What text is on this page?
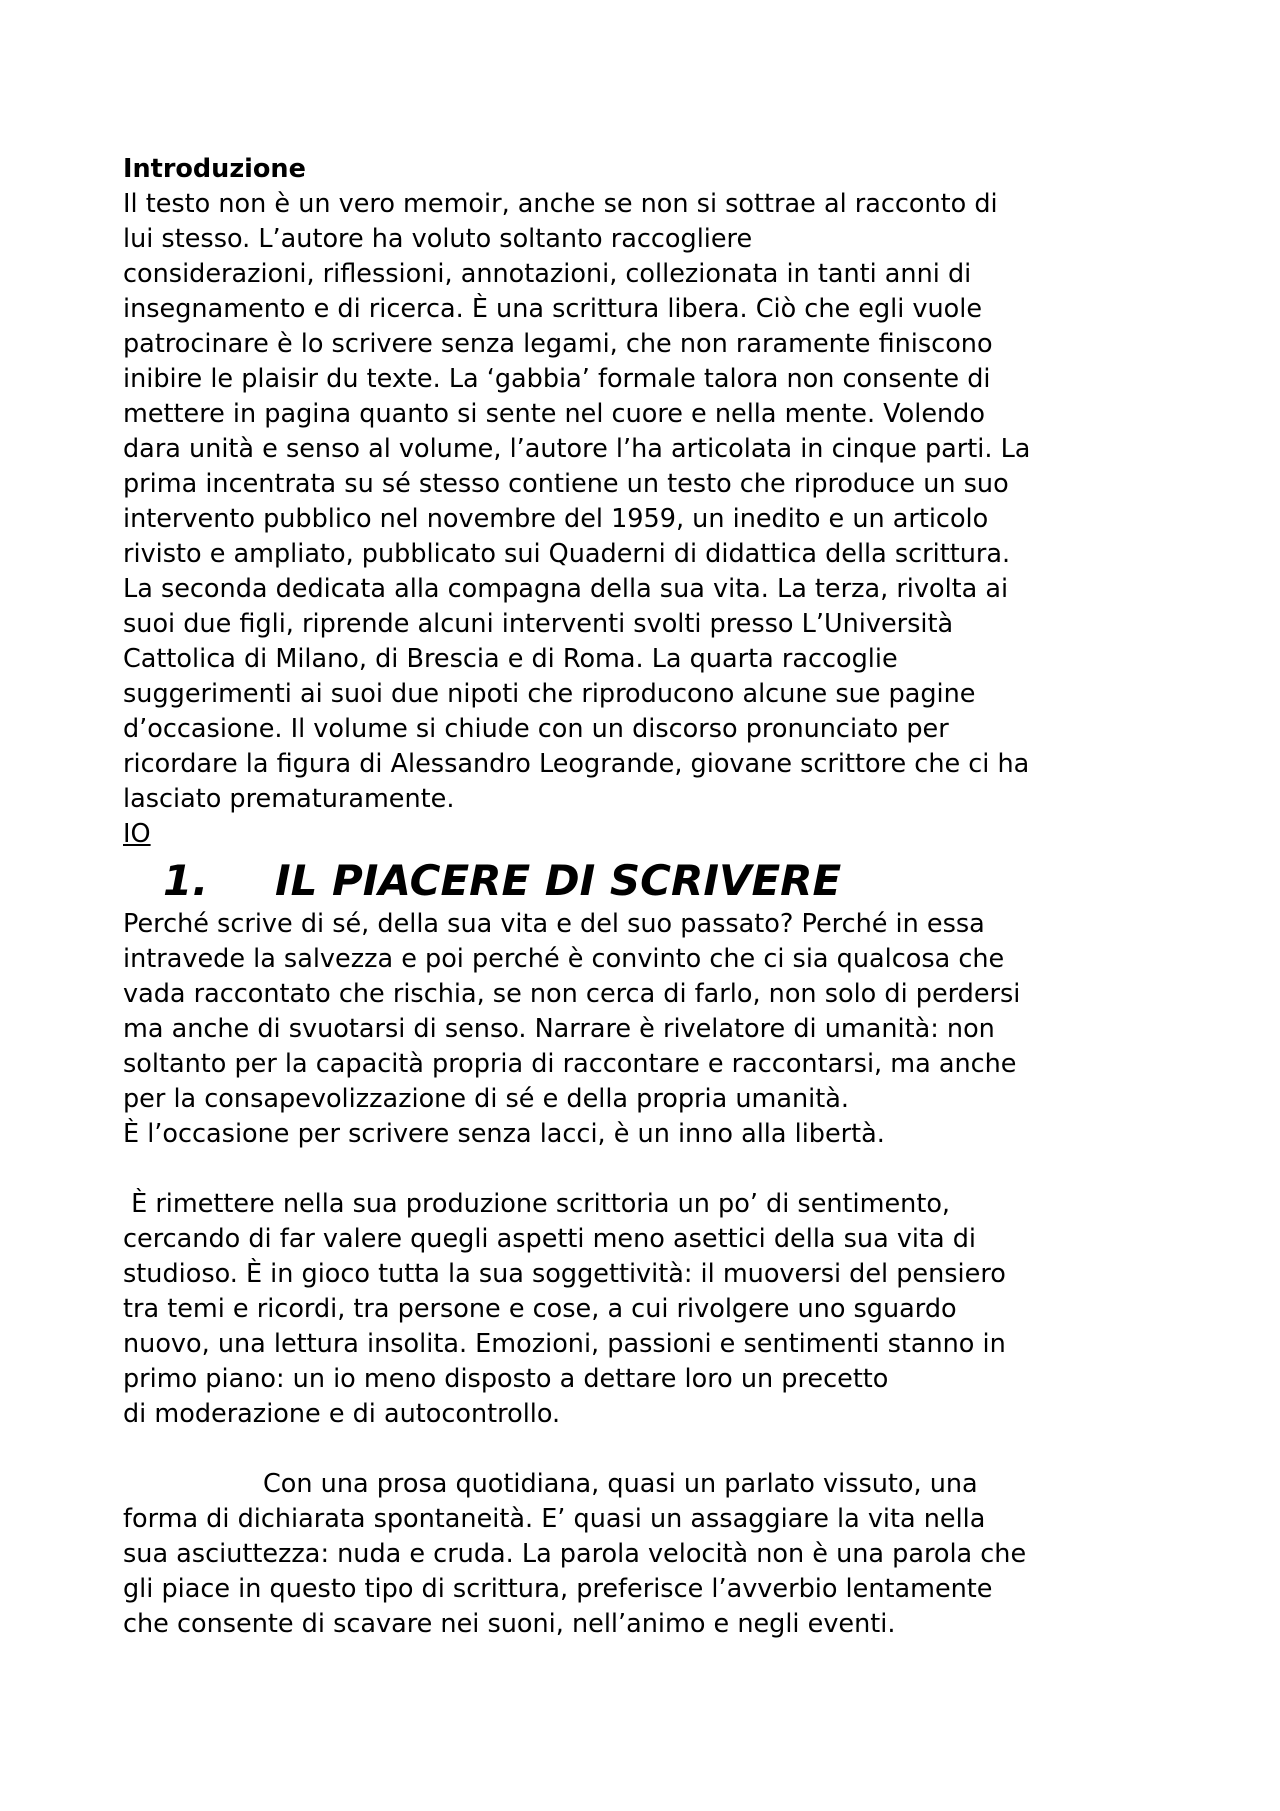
Introduzione
Il testo non è un vero memoir, anche se non si sottrae al racconto di
lui stesso. L’autore ha voluto soltanto raccogliere
considerazioni, riflessioni, annotazioni, collezionata in tanti anni di
insegnamento e di ricerca. È una scrittura libera. Ciò che egli vuole
patrocinare è lo scrivere senza legami, che non raramente finiscono
inibire le plaisir du texte. La ‘gabbia’ formale talora non consente di
mettere in pagina quanto si sente nel cuore e nella mente. Volendo
dara unità e senso al volume, l’autore l’ha articolata in cinque parti. La
prima incentrata su sé stesso contiene un testo che riproduce un suo
intervento pubblico nel novembre del 1959, un inedito e un articolo
rivisto e ampliato, pubblicato sui Quaderni di didattica della scrittura.
La seconda dedicata alla compagna della sua vita. La terza, rivolta ai
suoi due figli, riprende alcuni interventi svolti presso L’Università
Cattolica di Milano, di Brescia e di Roma. La quarta raccoglie
suggerimenti ai suoi due nipoti che riproducono alcune sue pagine
d’occasione. Il volume si chiude con un discorso pronunciato per
ricordare la figura di Alessandro Leogrande, giovane scrittore che ci ha
lasciato prematuramente.
IO
1. IL PIACERE DI SCRIVERE
Perché scrive di sé, della sua vita e del suo passato? Perché in essa
intravede la salvezza e poi perché è convinto che ci sia qualcosa che
vada raccontato che rischia, se non cerca di farlo, non solo di perdersi
ma anche di svuotarsi di senso. Narrare è rivelatore di umanità: non
soltanto per la capacità propria di raccontare e raccontarsi, ma anche
per la consapevolizzazione di sé e della propria umanità.
È l’occasione per scrivere senza lacci, è un inno alla libertà.
È rimettere nella sua produzione scrittoria un po’ di sentimento,
cercando di far valere quegli aspetti meno asettici della sua vita di
studioso. È in gioco tutta la sua soggettività: il muoversi del pensiero
tra temi e ricordi, tra persone e cose, a cui rivolgere uno sguardo
nuovo, una lettura insolita. Emozioni, passioni e sentimenti stanno in
primo piano: un io meno disposto a dettare loro un precetto
di moderazione e di autocontrollo.
Con una prosa quotidiana, quasi un parlato vissuto, una
forma di dichiarata spontaneità. E’ quasi un assaggiare la vita nella
sua asciuttezza: nuda e cruda. La parola velocità non è una parola che
gli piace in questo tipo di scrittura, preferisce l’avverbio lentamente
che consente di scavare nei suoni, nell’animo e negli eventi.
